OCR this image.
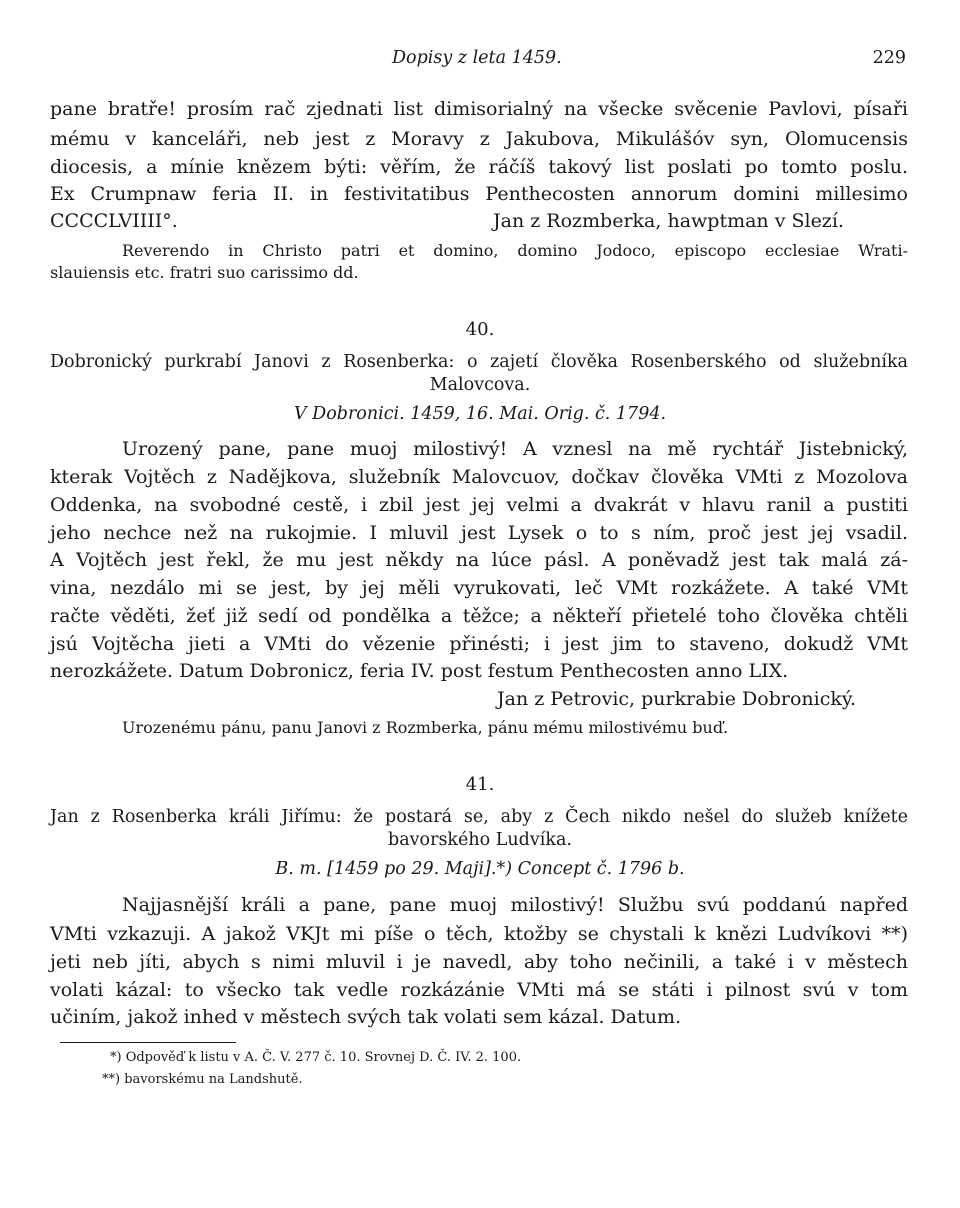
Dopisy z leta 1459.	229
pane bratře! prosím rač zjednati list dimisorialný na všecke svěcenie Pavlovi, písaři
mému v kanceláři, neb jest z Moravy z Jakubova, Mikulášóv syn, Olomucensis
diocesis, a mínie knězem býti: věřím, že ráčíš takový list poslati po tomto poslu.
Ex Crumpnaw feria II. in festivitatibus Penthecosten annorum domini millesimo
CCCCLVIIII°.	Jan z Rozmberka, hawptman v Slezí.
Reverendo in Christo patri et domino, domino Jodoco, episcopo ecclesiae Wrati-
slauiensis etc. fratri suo carissimo dd.
40.
Dobronický purkrabí Janovi z Rosenberka: o zajetí člověka Rosenberského od služebníka
Malovcova.
V Dobronici. 1459, 16. Mai. Orig. č. 1794.
Urozený pane, pane muoj milostivý! A vznesl na mě rychtář Jistebnický,
kterak Vojtěch z Nadějkova, služebník Malovcuov, dočkav člověka VMti z Mozolova
Oddenka, na svobodné cestě, i zbil jest jej velmi a dvakrát v hlavu ranil a pustiti
jeho nechce než na rukojmie. I mluvil jest Lysek o to s ním, proč jest jej vsadil.
A Vojtěch jest řekl, že mu jest někdy na lúce pásl. A poněvadž jest tak malá zá-
vina, nezdálo mi se jest, by jej měli vyrukovati, leč VMt rozkážete. A také VMt
račte věděti, žeť již sedí od pondělka a těžce; a někteří přietelé toho člověka chtěli
jsú Vojtěcha jieti a VMti do vězenie přinésti; i jest jim to staveno, dokudž VMt
nerozkážete. Datum Dobronicz, feria IV. post festum Penthecosten anno LIX.
Jan z Petrovic, purkrabie Dobronický.
Urozenému pánu, panu Janovi z Rozmberka, pánu mému milostivému buď.
41.
Jan z Rosenberka králi Jiřímu: že postará se, aby z Čech nikdo nešel do služeb knížete
bavorského Ludvíka.
B. m. [1459 po 29. Maji].*) Concept č. 1796 b.
Najjasnější králi a pane, pane muoj milostivý! Službu svú poddanú napřed
VMti vzkazuji. A jakož VKJt mi píše o těch, ktožby se chystali k knězi Ludvíkovi **)
jeti neb jíti, abych s nimi mluvil i je navedl, aby toho nečinili, a také i v městech
volati kázal: to všecko tak vedle rozkázánie VMti má se státi i pilnost svú v tom
učiním, jakož inhed v městech svých tak volati sem kázal. Datum.
*) Odpověď k listu v A. Č. V. 277 č. 10. Srovnej D. Č. IV. 2. 100.
**) bavorskému na Landshutě.
